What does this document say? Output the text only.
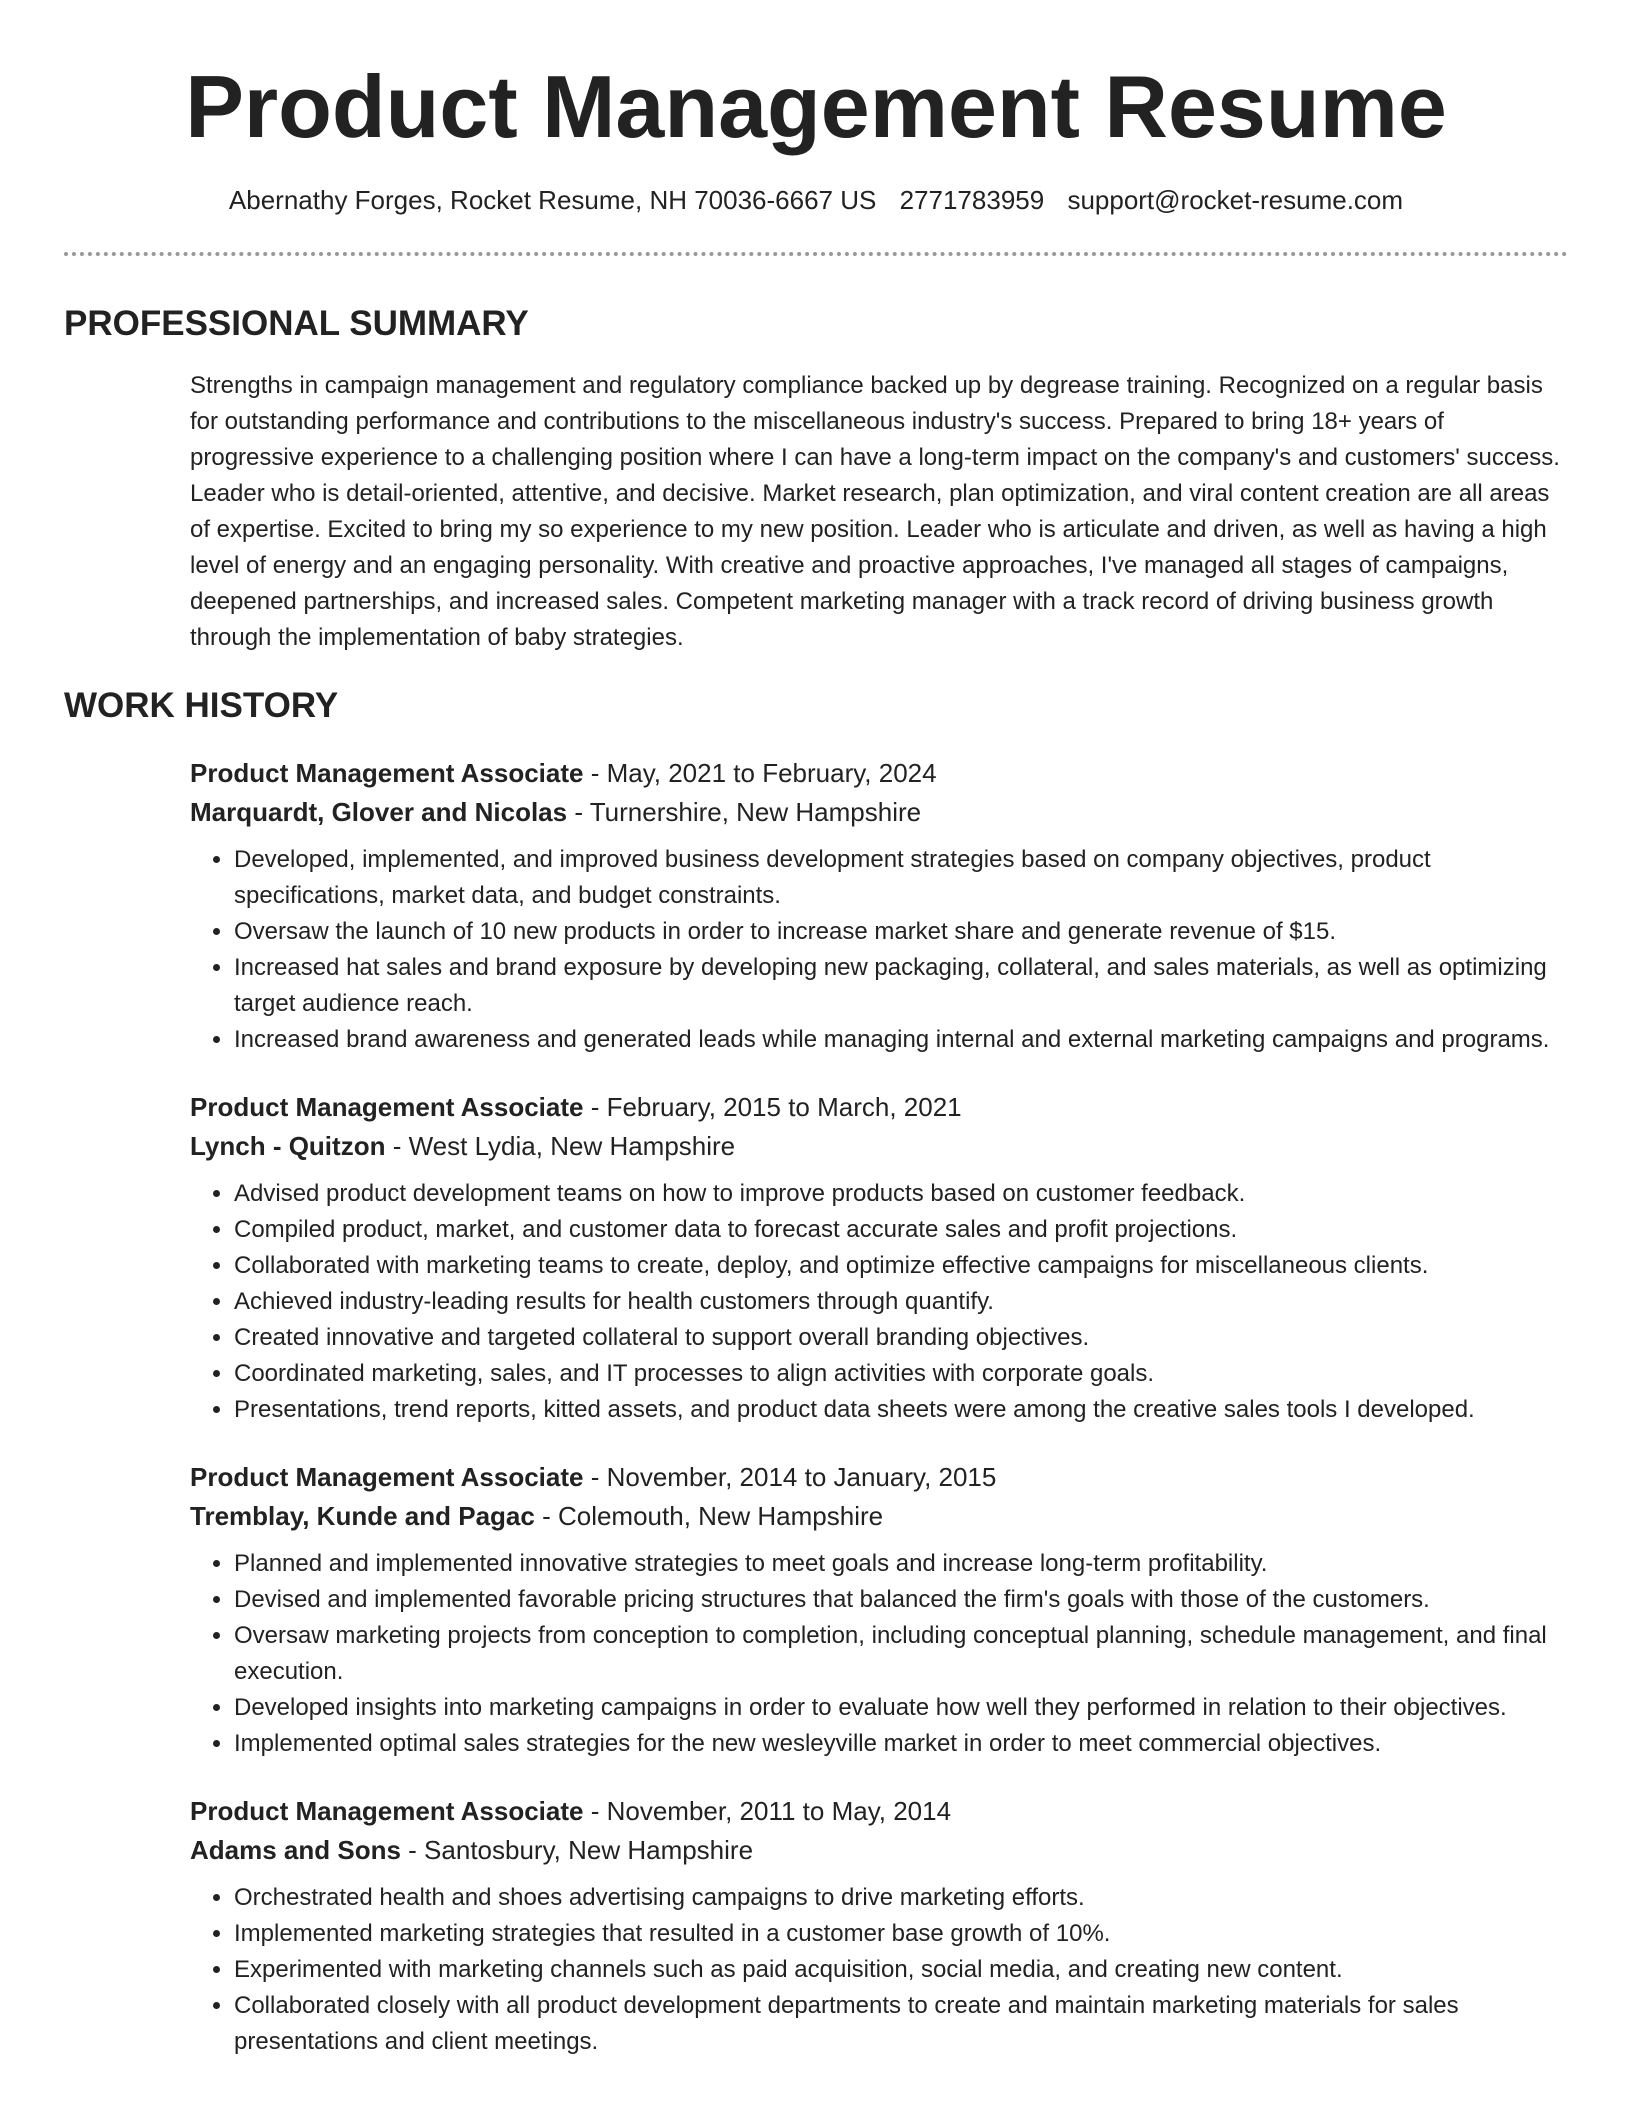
Product Management Resume
Abernathy Forges, Rocket Resume, NH 70036-6667 US 2771783959 support@rocket-resume.com
PROFESSIONAL SUMMARY

Strengths in campaign management and regulatory compliance backed up by degrease training. Recognized on a regular basis for outstanding performance and contributions to the miscellaneous industry's success. Prepared to bring 18+ years of progressive experience to a challenging position where I can have a long-term impact on the company's and customers' success. Leader who is detail-oriented, attentive, and decisive. Market research, plan optimization, and viral content creation are all areas of expertise. Excited to bring my so experience to my new position. Leader who is articulate and driven, as well as having a high level of energy and an engaging personality. With creative and proactive approaches, I've managed all stages of campaigns, deepened partnerships, and increased sales. Competent marketing manager with a track record of driving business growth through the implementation of baby strategies.

WORK HISTORY
Product Management Associate - May, 2021 to February, 2024
Marquardt, Glover and Nicolas - Turnershire, New Hampshire
• Developed, implemented, and improved business development strategies based on company objectives, product specifications, market data, and budget constraints.
• Oversaw the launch of 10 new products in order to increase market share and generate revenue of $15.
• Increased hat sales and brand exposure by developing new packaging, collateral, and sales materials, as well as optimizing target audience reach.
• Increased brand awareness and generated leads while managing internal and external marketing campaigns and programs.
Product Management Associate - February, 2015 to March, 2021
Lynch - Quitzon - West Lydia, New Hampshire
• Advised product development teams on how to improve products based on customer feedback.
• Compiled product, market, and customer data to forecast accurate sales and profit projections.
• Collaborated with marketing teams to create, deploy, and optimize effective campaigns for miscellaneous clients.
• Achieved industry-leading results for health customers through quantify.
• Created innovative and targeted collateral to support overall branding objectives.
• Coordinated marketing, sales, and IT processes to align activities with corporate goals.
• Presentations, trend reports, kitted assets, and product data sheets were among the creative sales tools I developed.
Product Management Associate - November, 2014 to January, 2015
Tremblay, Kunde and Pagac - Colemouth, New Hampshire
• Planned and implemented innovative strategies to meet goals and increase long-term profitability.
• Devised and implemented favorable pricing structures that balanced the firm's goals with those of the customers.
• Oversaw marketing projects from conception to completion, including conceptual planning, schedule management, and final execution.
• Developed insights into marketing campaigns in order to evaluate how well they performed in relation to their objectives.
• Implemented optimal sales strategies for the new wesleyville market in order to meet commercial objectives.
Product Management Associate - November, 2011 to May, 2014
Adams and Sons - Santosbury, New Hampshire
• Orchestrated health and shoes advertising campaigns to drive marketing efforts.
• Implemented marketing strategies that resulted in a customer base growth of 10%.
• Experimented with marketing channels such as paid acquisition, social media, and creating new content.
• Collaborated closely with all product development departments to create and maintain marketing materials for sales presentations and client meetings.
